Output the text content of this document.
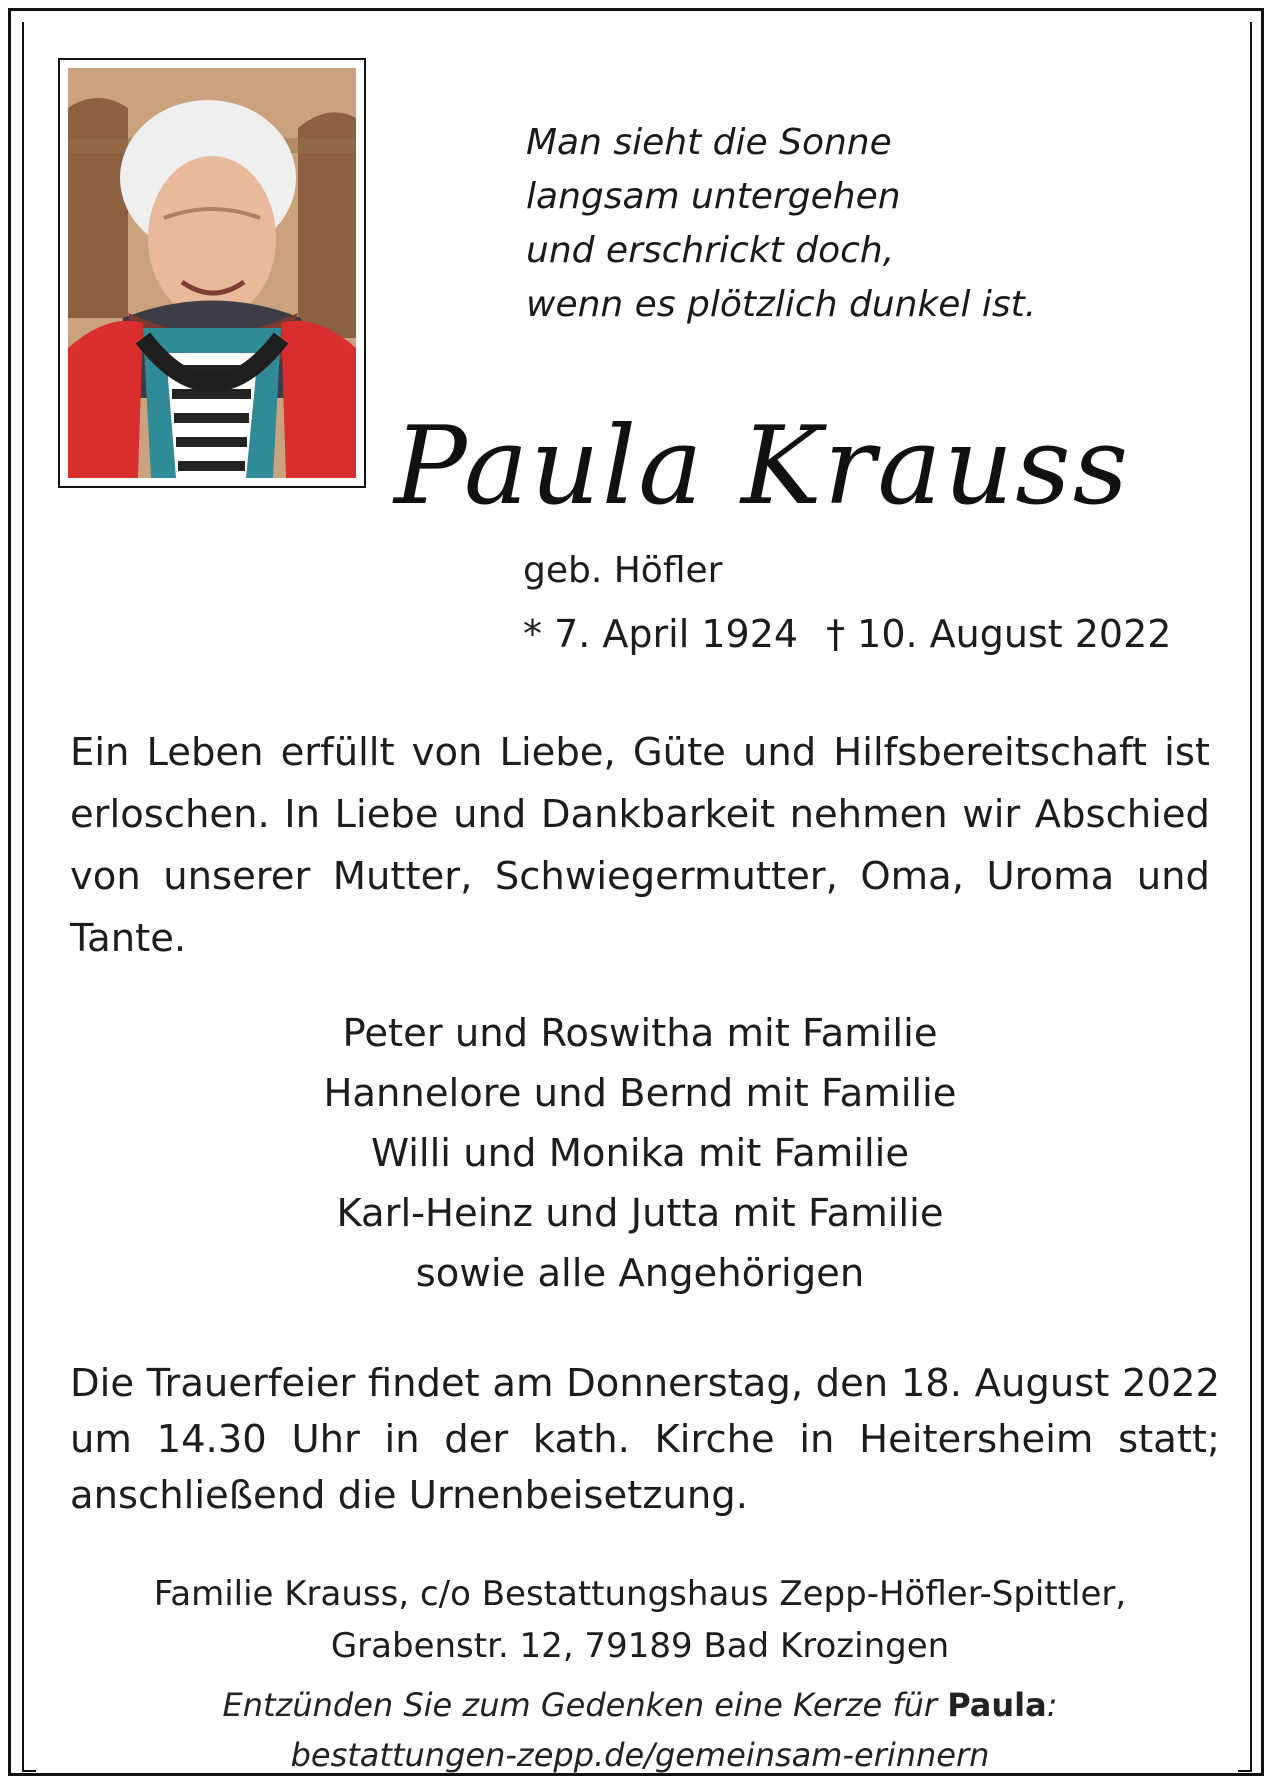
Man sieht die Sonne
langsam untergehen
und erschrickt doch,
wenn es plötzlich dunkel ist.
Paula Krauss
geb. Höfler
* 7. April 1924 † 10. August 2022
Ein Leben erfüllt von Liebe, Güte und Hilfsbereitschaft ist erloschen. In Liebe und Dankbarkeit nehmen wir Abschied von unserer Mutter, Schwiegermutter, Oma, Uroma und Tante.
Peter und Roswitha mit Familie
Hannelore und Bernd mit Familie
Willi und Monika mit Familie
Karl-Heinz und Jutta mit Familie
sowie alle Angehörigen
Die Trauerfeier findet am Donnerstag, den 18. August 2022 um 14.30 Uhr in der kath. Kirche in Heitersheim statt; anschließend die Urnenbeisetzung.
Familie Krauss, c/o Bestattungshaus Zepp-Höfler-Spittler,
Grabenstr. 12, 79189 Bad Krozingen
Entzünden Sie zum Gedenken eine Kerze für Paula:
bestattungen-zepp.de/gemeinsam-erinnern
